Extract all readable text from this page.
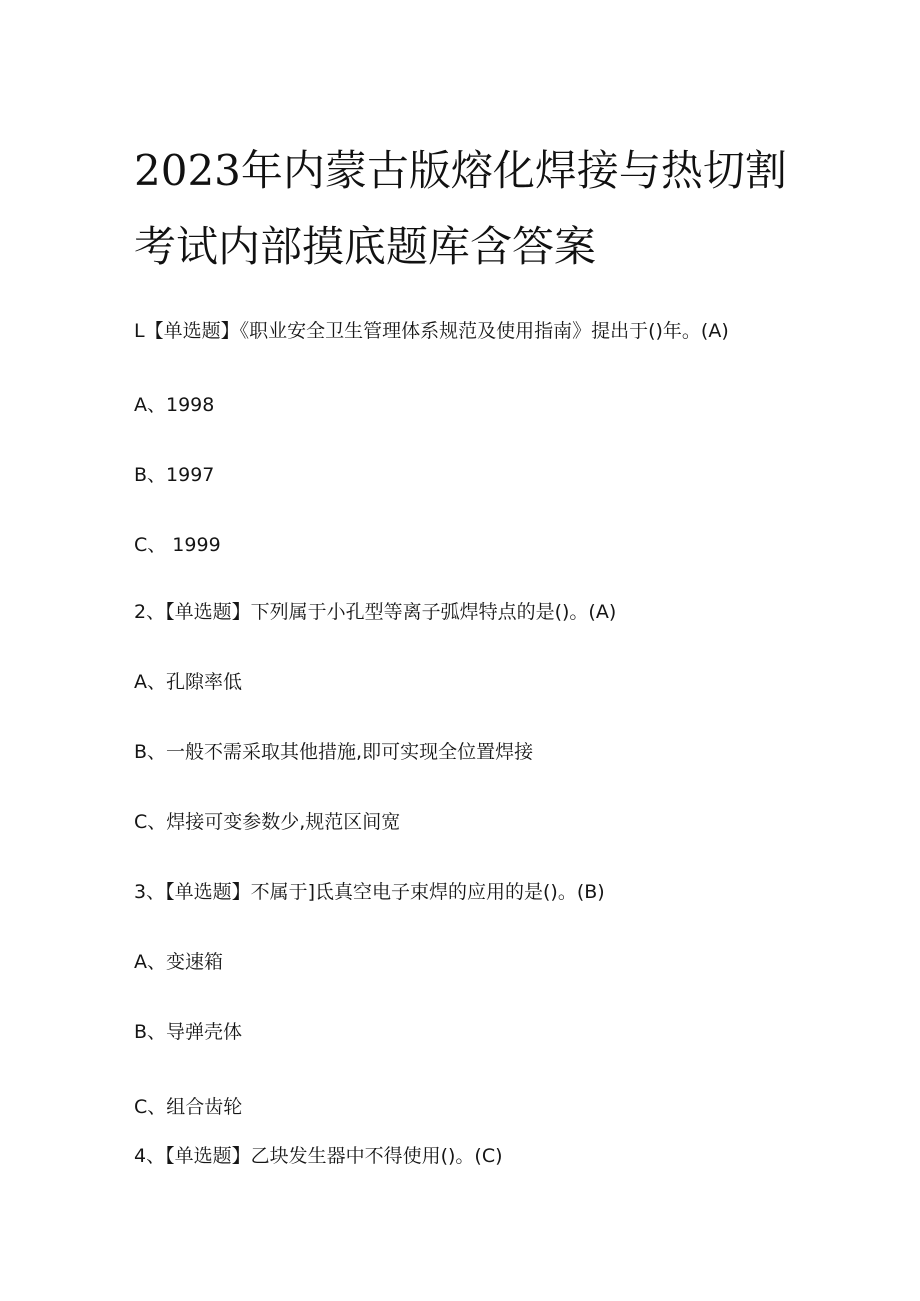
2023年内蒙古版熔化焊接与热切割
考试内部摸底题库含答案
L【单选题】《职业安全卫生管理体系规范及使用指南》提出于()年。(A)
A、1998
B、1997
C、 1999
2、【单选题】下列属于小孔型等离子弧焊特点的是()。(A)
A、孔隙率低
B、一般不需采取其他措施,即可实现全位置焊接
C、焊接可变参数少,规范区间宽
3、【单选题】不属于]氐真空电子束焊的应用的是()。(B)
A、变速箱
B、导弹壳体
C、组合齿轮
4、【单选题】乙块发生器中不得使用()。(C)
